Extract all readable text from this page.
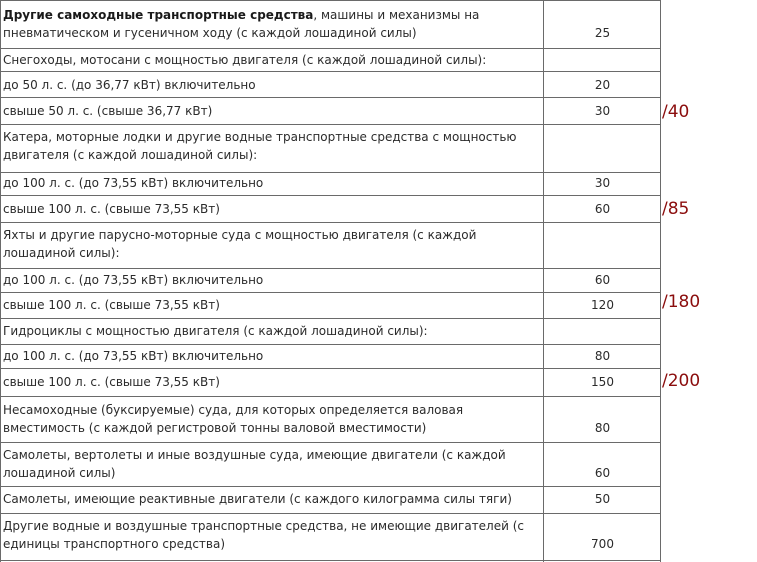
Другие самоходные транспортные средства, машины и механизмы на пневматическом и гусеничном ходу (с каждой лошадиной силы)	25
Снегоходы, мотосани с мощностью двигателя (с каждой лошадиной силы):
до 50 л. с. (до 36,77 кВт) включительно	20
свыше 50 л. с. (свыше 36,77 кВт)	30	/40
Катера, моторные лодки и другие водные транспортные средства с мощностью двигателя (с каждой лошадиной силы):
до 100 л. с. (до 73,55 кВт) включительно	30
свыше 100 л. с. (свыше 73,55 кВт)	60	/85
Яхты и другие парусно-моторные суда с мощностью двигателя (с каждой лошадиной силы):
до 100 л. с. (до 73,55 кВт) включительно	60
свыше 100 л. с. (свыше 73,55 кВт)	120	/180
Гидроциклы с мощностью двигателя (с каждой лошадиной силы):
до 100 л. с. (до 73,55 кВт) включительно	80
свыше 100 л. с. (свыше 73,55 кВт)	150	/200
Несамоходные (буксируемые) суда, для которых определяется валовая вместимость (с каждой регистровой тонны валовой вместимости)	80
Самолеты, вертолеты и иные воздушные суда, имеющие двигатели (с каждой лошадиной силы)	60
Самолеты, имеющие реактивные двигатели (с каждого килограмма силы тяги)	50
Другие водные и воздушные транспортные средства, не имеющие двигателей (с единицы транспортного средства)	700
